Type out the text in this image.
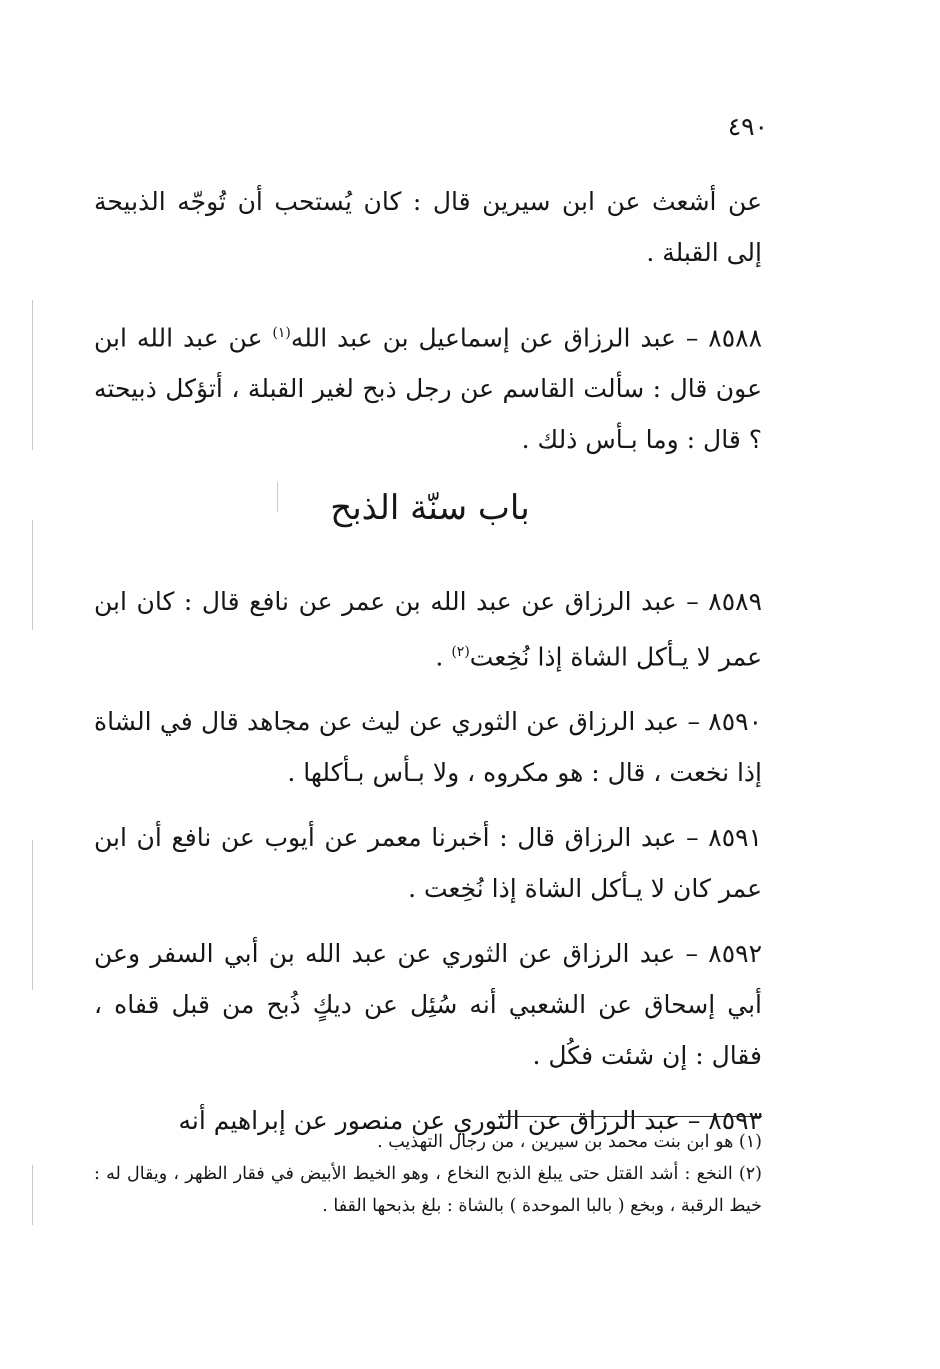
٤٩٠

عن أشعث عن ابن سيرين قال : كان يُستحب أن تُوجّه الذبيحة إلى القبلة .

٨٥٨٨ – عبد الرزاق عن إسماعيل بن عبد الله$^{(١)}$ عن عبد الله ابن عون قال : سألت القاسم عن رجل ذبح لغير القبلة ، أتؤكل ذبيحته ؟ قال : وما بـأس ذلك .

باب سنّة الذبح

٨٥٨٩ – عبد الرزاق عن عبد الله بن عمر عن نافع قال : كان ابن عمر لا يـأكل الشاة إذا نُخِعت$^{(٢)}$ .

٨٥٩٠ – عبد الرزاق عن الثوري عن ليث عن مجاهد قال في الشاة إذا نخعت ، قال : هو مكروه ، ولا بـأس بـأكلها .

٨٥٩١ – عبد الرزاق قال : أخبرنا معمر عن أيوب عن نافع أن ابن عمر كان لا يـأكل الشاة إذا نُخِعت .

٨٥٩٢ – عبد الرزاق عن الثوري عن عبد الله بن أبي السفر وعن أبي إسحاق عن الشعبي أنه سُئِل عن ديكٍ ذُبح من قبل قفاه ، فقال : إن شئت فكُل .

٨٥٩٣ – عبد الرزاق عن الثوري عن منصور عن إبراهيم أنه

(١) هو ابن بنت محمد بن سيرين ، من رجال التهذيب .

(٢) النخع : أشد القتل حتى يبلغ الذبح النخاع ، وهو الخيط الأبيض في فقار الظهر ، ويقال له : خيط الرقبة ، وبخع ( بالبا الموحدة ) بالشاة : بلغ بذبحها القفا .
